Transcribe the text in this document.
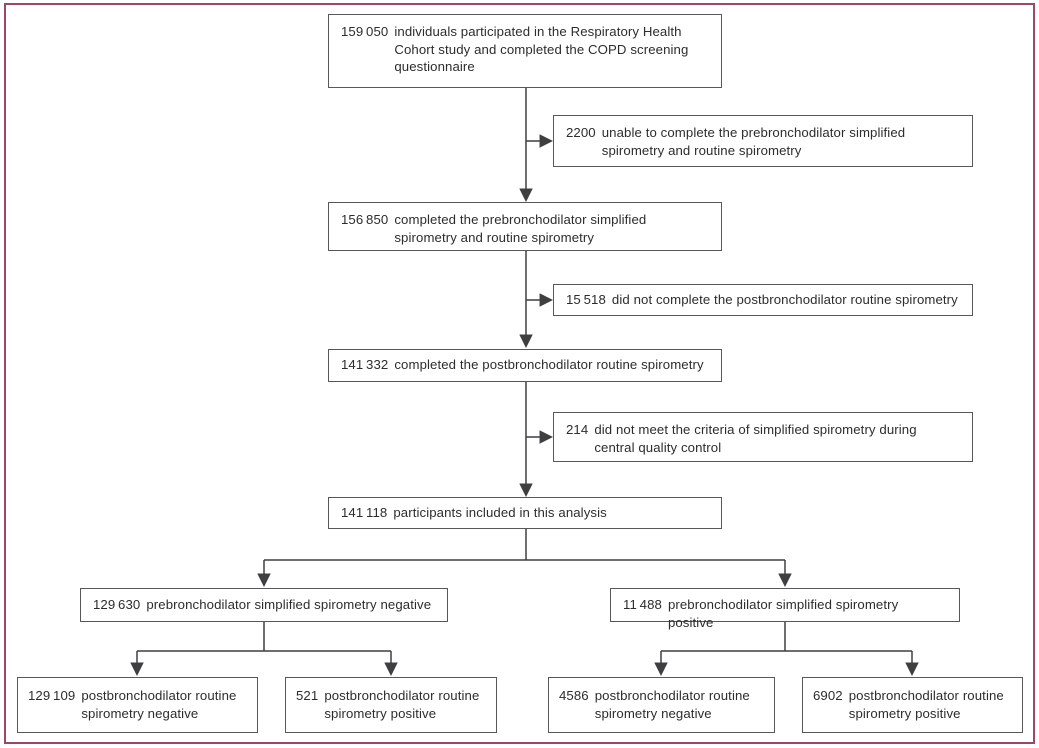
159 050 individuals participated in the Respiratory Health Cohort study and completed the COPD screening questionnaire
2200 unable to complete the prebronchodilator simplified spirometry and routine spirometry
156 850 completed the prebronchodilator simplified spirometry and routine spirometry
15 518 did not complete the postbronchodilator routine spirometry
141 332 completed the postbronchodilator routine spirometry
214 did not meet the criteria of simplified spirometry during central quality control
141 118 participants included in this analysis
129 630 prebronchodilator simplified spirometry negative	11 488 prebronchodilator simplified spirometry positive
129 109 postbronchodilator routine spirometry negative
521 postbronchodilator routine spirometry positive
4586 postbronchodilator routine spirometry negative
6902 postbronchodilator routine spirometry positive
